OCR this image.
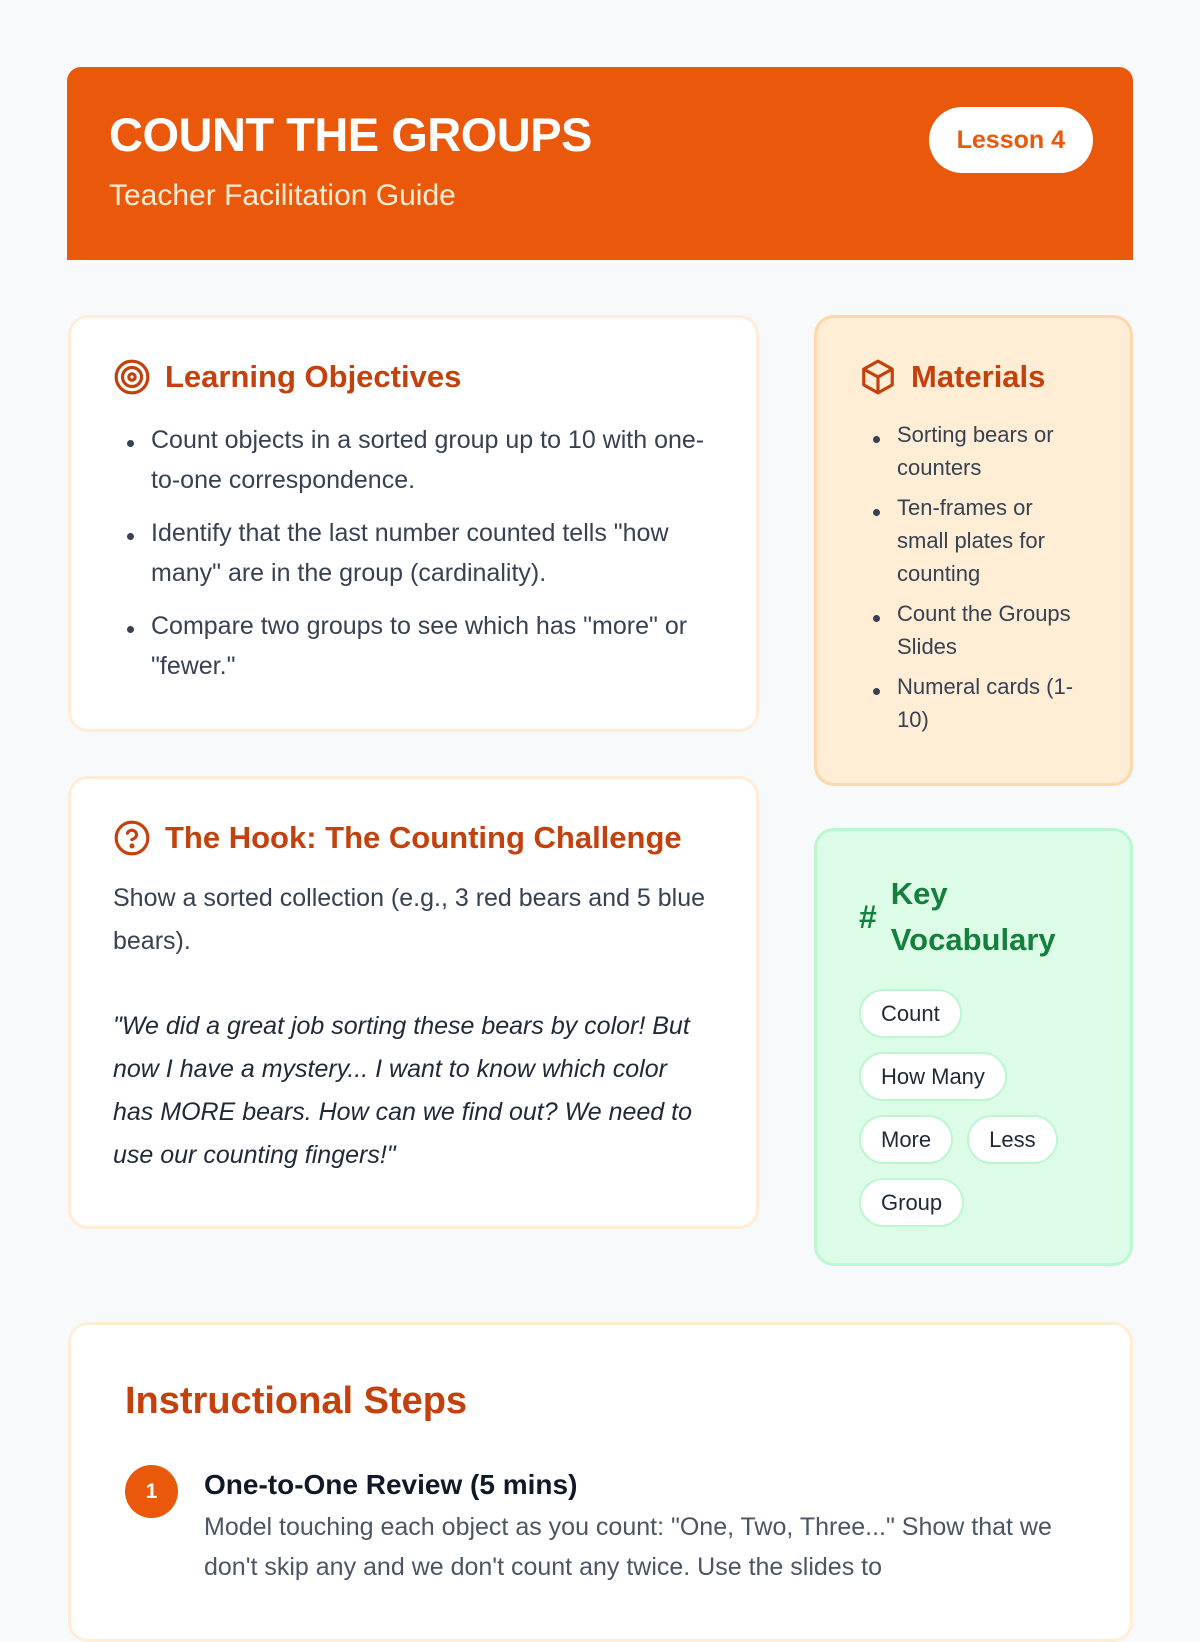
COUNT THE GROUPS
Teacher Facilitation Guide
Lesson 4
Learning Objectives
Count objects in a sorted group up to 10 with one-to-one correspondence.
Identify that the last number counted tells "how many" are in the group (cardinality).
Compare two groups to see which has "more" or "fewer."
Materials
Sorting bears or counters
Ten-frames or small plates for counting
Count the Groups Slides
Numeral cards (1-10)
The Hook: The Counting Challenge

Show a sorted collection (e.g., 3 red bears and 5 blue bears).

"We did a great job sorting these bears by color! But now I have a mystery... I want to know which color has MORE bears. How can we find out? We need to use our counting fingers!"

#
Key Vocabulary
Count
How Many
More	Less
Group
Instructional Steps
1	One-to-One Review (5 mins)

Model touching each object as you count: "One, Two, Three..." Show that we don't skip any and we don't count any twice. Use the slides to
